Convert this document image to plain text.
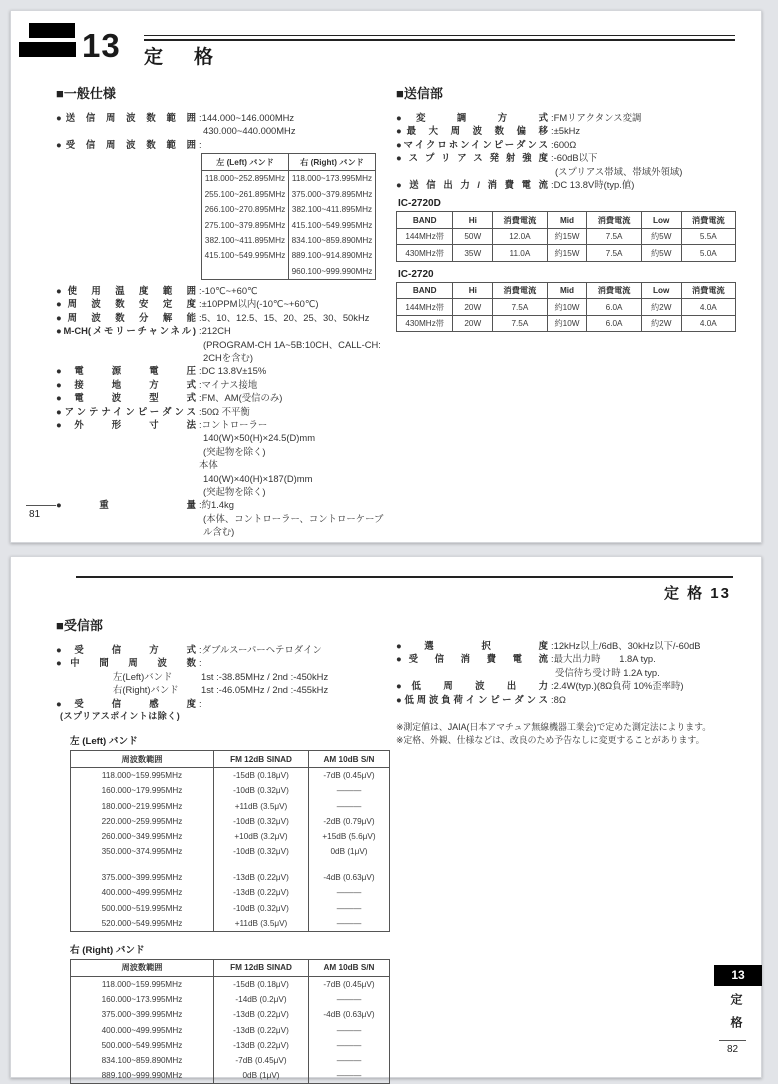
13 定　格
■一般仕様
●送 信 周 波 数 範 囲 :144.000~146.000MHz
430.000~440.000MHz
●受 信 周 波 数 範 囲 :
左 (Left) バンド	右 (Right) バンド
118.000~252.895MHz	118.000~173.995MHz
255.100~261.895MHz	375.000~379.895MHz
266.100~270.895MHz	382.100~411.895MHz
275.100~379.895MHz	415.100~549.995MHz
382.100~411.895MHz	834.100~859.890MHz
415.100~549.995MHz	889.100~914.890MHz
	960.100~999.990MHz
●使 用 温 度 範 囲 :-10℃~+60℃
●周 波 数 安 定 度 :±10PPM以内(-10℃~+60℃)
●周 波 数 分 解 能 :5、10、12.5、15、20、25、30、50kHz
●M-CH(メモリーチャンネル) :212CH
(PROGRAM-CH 1A~5B:10CH、CALL-CH:
2CHを含む)
●電 源 電 圧 :DC 13.8V±15%
●接 地 方 式 :マイナス接地
●電 波 型 式 :FM、AM(受信のみ)
●アンテナインピーダンス :50Ω 不平衡
●外 形 寸 法 :コントローラー
140(W)×50(H)×24.5(D)mm
(突起物を除く)
本体
140(W)×40(H)×187(D)mm
(突起物を除く)
●重 量 :約1.4kg
(本体、コントローラー、コントローケーブル含む)
■送信部
●変 調 方 式 :FMリアクタンス変調
●最 大 周 波 数 偏 移 :±5kHz
●マイクロホンインピーダンス :600Ω
●スプリアス発射強度 :-60dB以下
(スプリアス帯域、帯域外領域)
●送信出力/消費電流 :DC 13.8V時(typ.値)
IC-2720D
BAND	Hi	消費電流	Mid	消費電流	Low	消費電流
144MHz帯	50W	12.0A	約15W	7.5A	約5W	5.5A
430MHz帯	35W	11.0A	約15W	7.5A	約5W	5.0A
IC-2720
BAND	Hi	消費電流	Mid	消費電流	Low	消費電流
144MHz帯	20W	7.5A	約10W	6.0A	約2W	4.0A
430MHz帯	20W	7.5A	約10W	6.0A	約2W	4.0A
81
定 格 13
■受信部
●受 信 方 式 :ダブルスーパーヘテロダイン
●中 間 周 波 数 :
左(Left)バンド	1st :-38.85MHz / 2nd :-450kHz
右(Right)バンド	1st :-46.05MHz / 2nd :-455kHz
●受 信 感 度 :
(スプリアスポイントは除く)
左 (Left) バンド
周波数範囲	FM 12dB SINAD	AM 10dB S/N
118.000~159.995MHz	-15dB (0.18μV)	-7dB (0.45μV)
160.000~179.995MHz	-10dB (0.32μV)	———
180.000~219.995MHz	+11dB (3.5μV)	———
220.000~259.995MHz	-10dB (0.32μV)	-2dB (0.79μV)
260.000~349.995MHz	+10dB (3.2μV)	+15dB (5.6μV)
350.000~374.995MHz	-10dB (0.32μV)	0dB (1μV)

375.000~399.995MHz	-13dB (0.22μV)	-4dB (0.63μV)
400.000~499.995MHz	-13dB (0.22μV)	———
500.000~519.995MHz	-10dB (0.32μV)	———
520.000~549.995MHz	+11dB (3.5μV)	———
右 (Right) バンド
周波数範囲	FM 12dB SINAD	AM 10dB S/N
118.000~159.995MHz	-15dB (0.18μV)	-7dB (0.45μV)
160.000~173.995MHz	-14dB (0.2μV)	———
375.000~399.995MHz	-13dB (0.22μV)	-4dB (0.63μV)
400.000~499.995MHz	-13dB (0.22μV)	———
500.000~549.995MHz	-13dB (0.22μV)	———
834.100~859.890MHz	-7dB (0.45μV)	———
889.100~999.990MHz	0dB (1μV)	———
●選 択 度 :12kHz以上/6dB、30kHz以下/-60dB
●受 信 消 費 電 流 :最大出力時　　1.8A typ.
受信待ち受け時 1.2A typ.
●低 周 波 出 力 :2.4W(typ.)(8Ω負荷 10%歪率時)
●低周波負荷インピーダンス :8Ω
※測定値は、JAIA(日本アマチュア無線機器工業会)で定めた測定法によります。
※定格、外観、仕様などは、改良のため予告なしに変更することがあります。
13
定格
82
